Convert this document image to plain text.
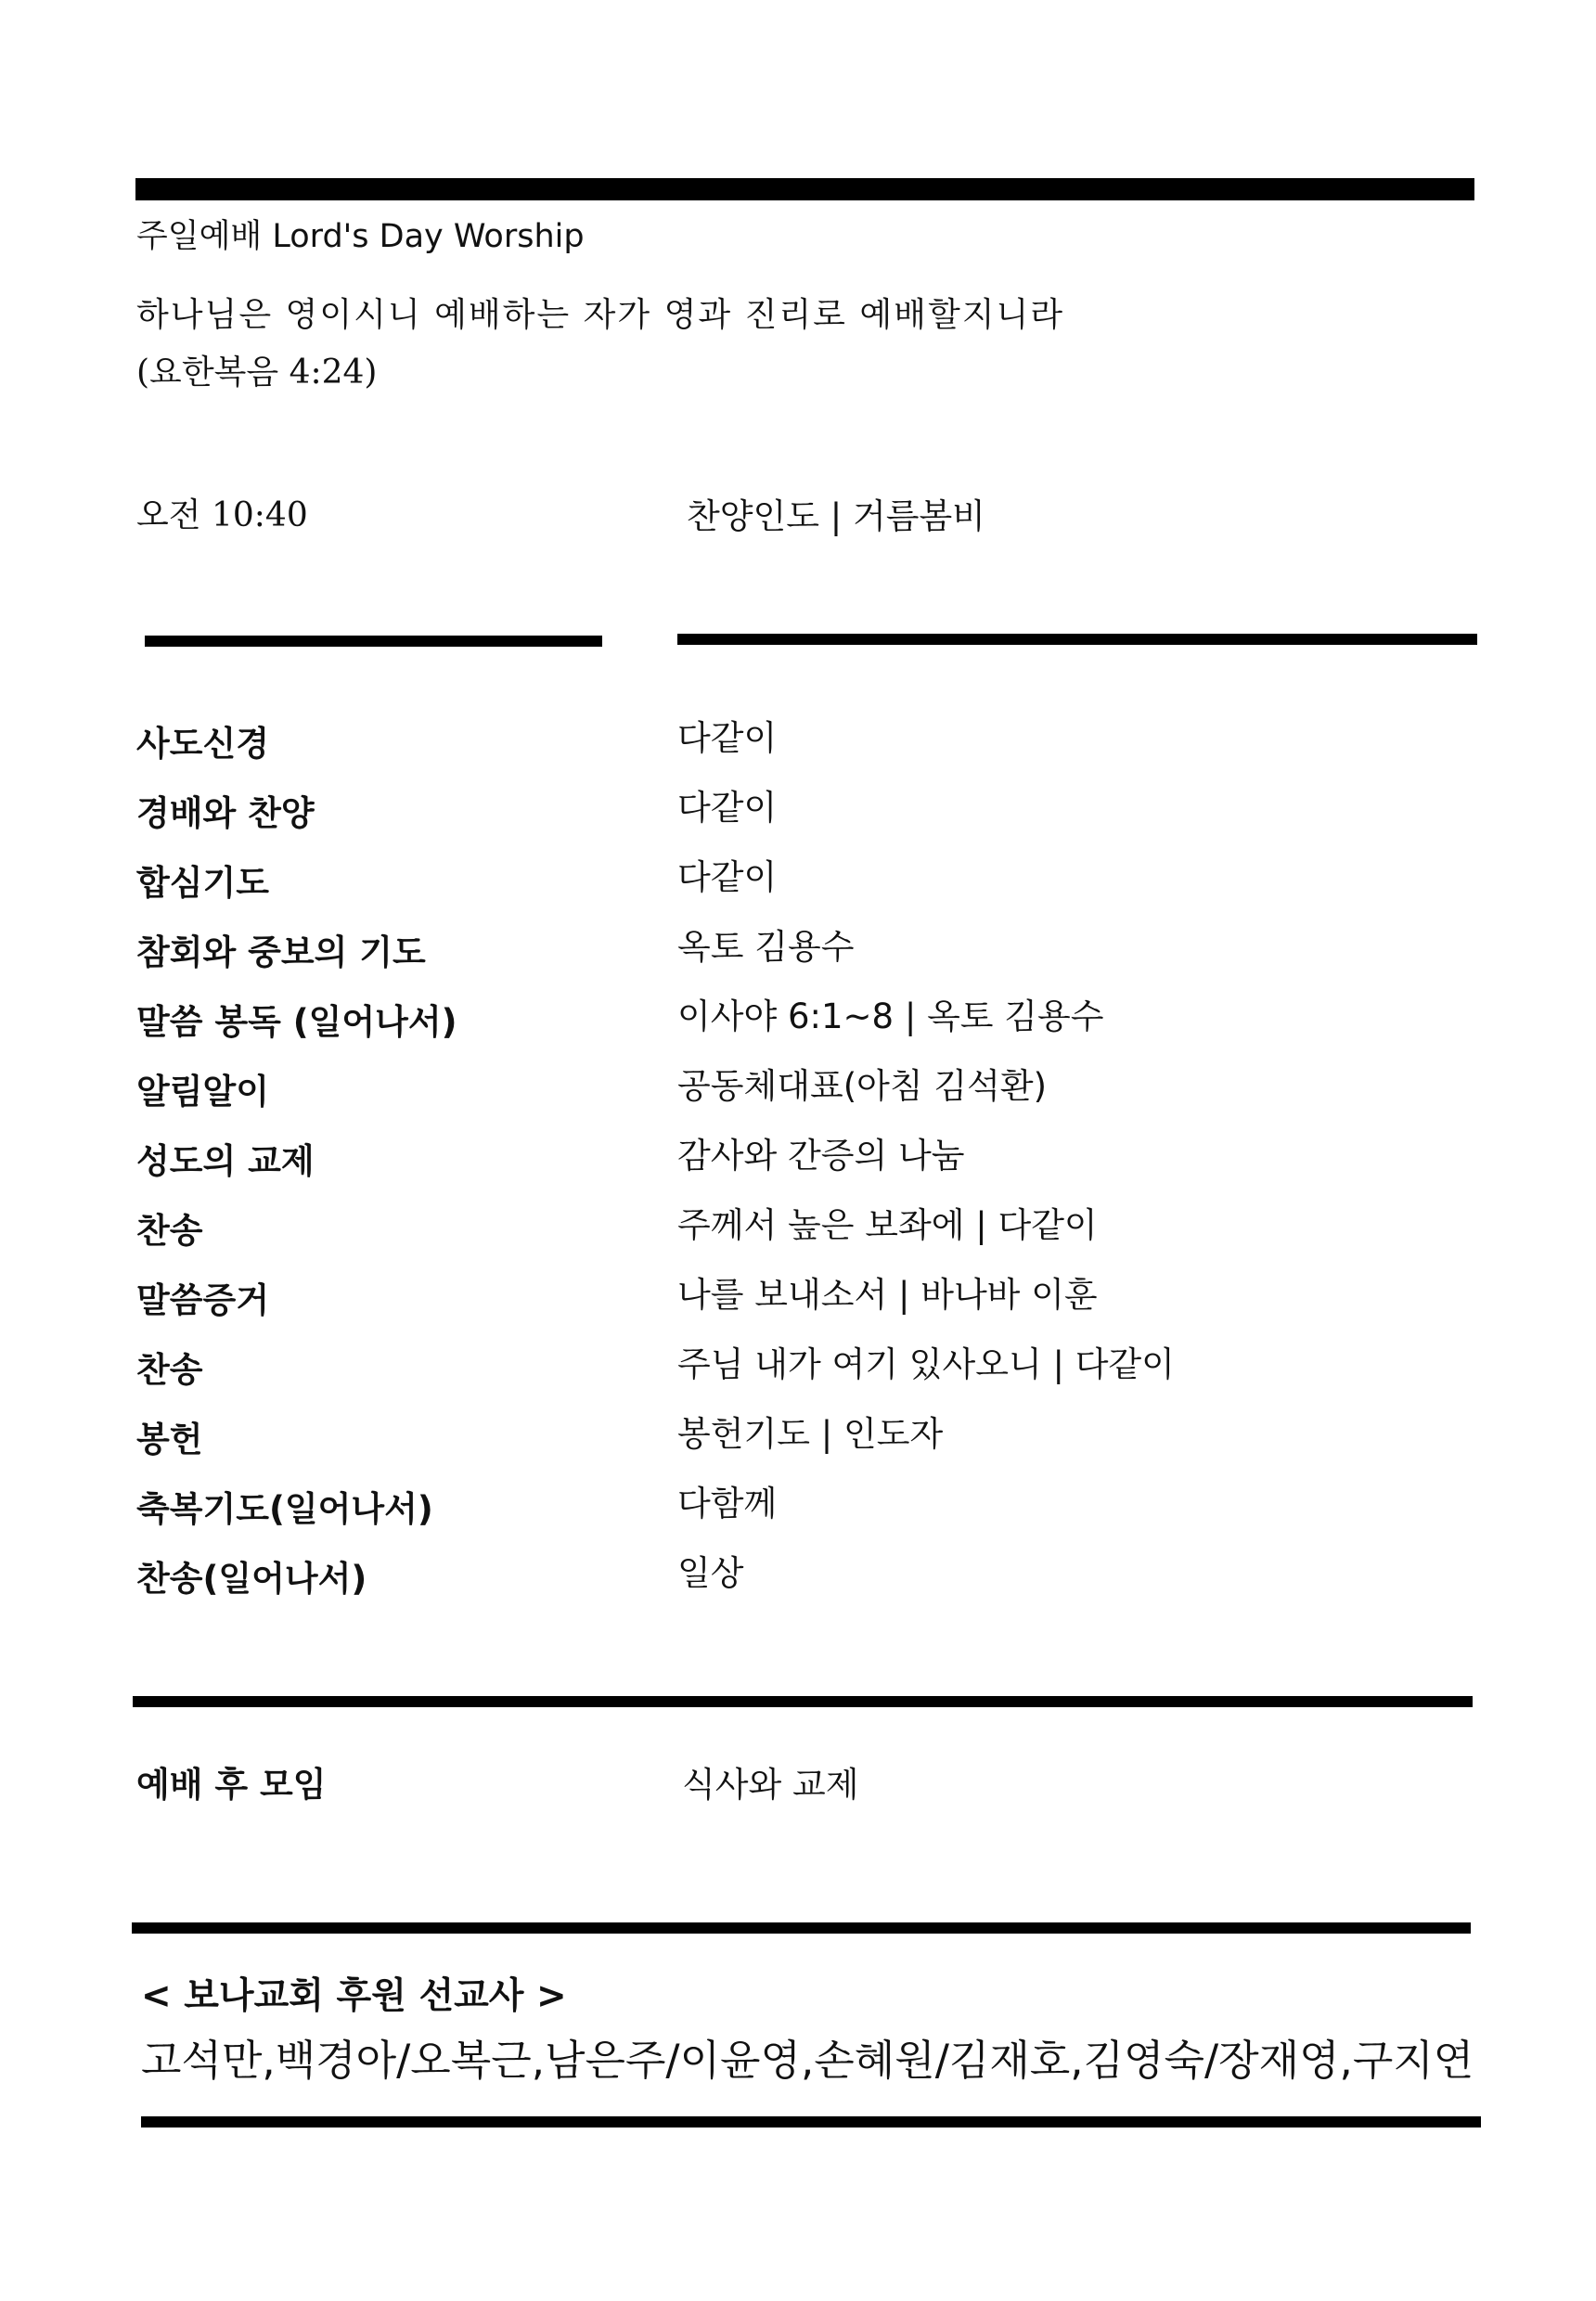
주일예배 Lord's Day Worship
하나님은 영이시니 예배하는 자가 영과 진리로 예배할지니라
(요한복음 4:24)
오전 10:40	찬양인도 | 거름봄비
사도신경	다같이
경배와 찬양	다같이
합심기도	다같이
참회와 중보의 기도	옥토 김용수
말씀 봉독 (일어나서)	이사야 6:1~8 | 옥토 김용수
알림알이	공동체대표(아침 김석환)
성도의 교제	감사와 간증의 나눔
찬송	주께서 높은 보좌에 | 다같이
말씀증거	나를 보내소서 | 바나바 이훈
찬송	주님 내가 여기 있사오니 | 다같이
봉헌	봉헌기도 | 인도자
축복기도(일어나서)	다함께
찬송(일어나서)	일상
예배 후 모임	식사와 교제
< 보나교회 후원 선교사 >
고석만,백경아/오복근,남은주/이윤영,손혜원/김재호,김영숙/장재영,구지연
